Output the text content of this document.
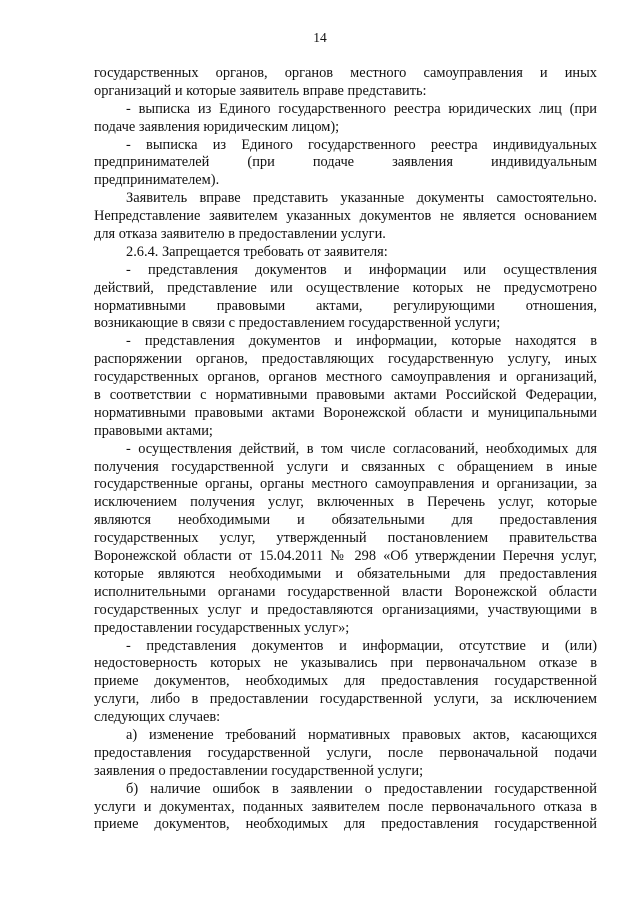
14
государственных органов, органов местного самоуправления и иных
организаций и которые заявитель вправе представить:
- выписка из Единого государственного реестра юридических лиц (при
подаче заявления юридическим лицом);
- выписка из Единого государственного реестра индивидуальных
предпринимателей (при подаче заявления индивидуальным
предпринимателем).
Заявитель вправе представить указанные документы самостоятельно.
Непредставление заявителем указанных документов не является основанием
для отказа заявителю в предоставлении услуги.
2.6.4. Запрещается требовать от заявителя:
- представления документов и информации или осуществления
действий, представление или осуществление которых не предусмотрено
нормативными правовыми актами, регулирующими отношения,
возникающие в связи с предоставлением государственной услуги;
- представления документов и информации, которые находятся в
распоряжении органов, предоставляющих государственную услугу, иных
государственных органов, органов местного самоуправления и организаций,
в соответствии с нормативными правовыми актами Российской Федерации,
нормативными правовыми актами Воронежской области и муниципальными
правовыми актами;
- осуществления действий, в том числе согласований, необходимых для
получения государственной услуги и связанных с обращением в иные
государственные органы, органы местного самоуправления и организации, за
исключением получения услуг, включенных в Перечень услуг, которые
являются необходимыми и обязательными для предоставления
государственных услуг, утвержденный постановлением правительства
Воронежской области от 15.04.2011 № 298 «Об утверждении Перечня услуг,
которые являются необходимыми и обязательными для предоставления
исполнительными органами государственной власти Воронежской области
государственных услуг и предоставляются организациями, участвующими в
предоставлении государственных услуг»;
- представления документов и информации, отсутствие и (или)
недостоверность которых не указывались при первоначальном отказе в
приеме документов, необходимых для предоставления государственной
услуги, либо в предоставлении государственной услуги, за исключением
следующих случаев:
а) изменение требований нормативных правовых актов, касающихся
предоставления государственной услуги, после первоначальной подачи
заявления о предоставлении государственной услуги;
б) наличие ошибок в заявлении о предоставлении государственной
услуги и документах, поданных заявителем после первоначального отказа в
приеме документов, необходимых для предоставления государственной
